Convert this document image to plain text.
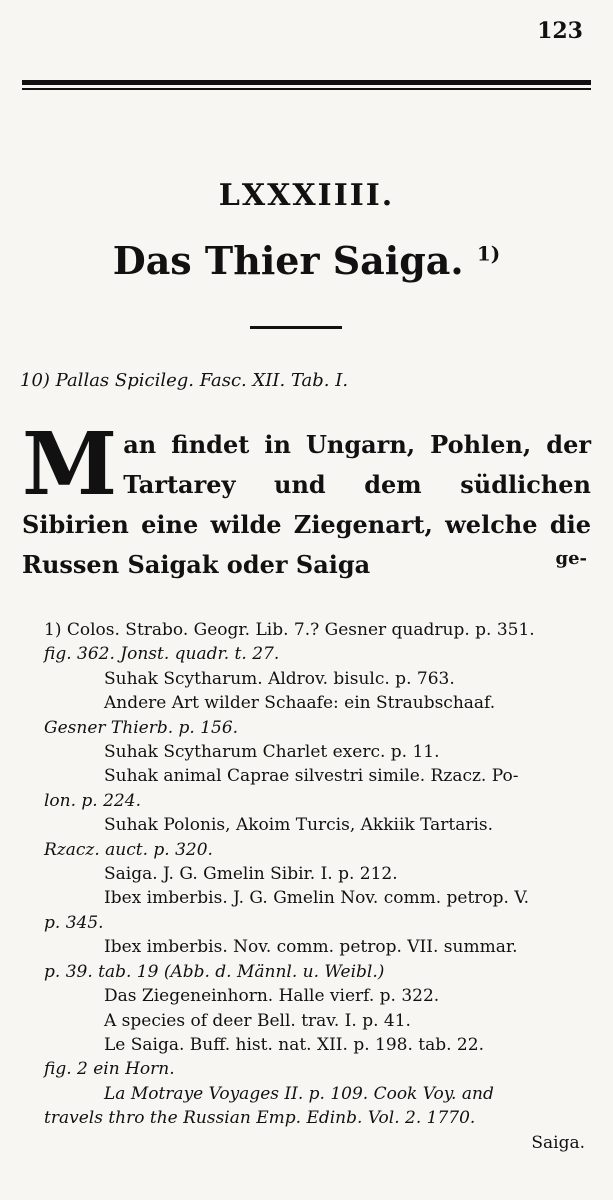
123
LXXXIIII.
Das Thier Saiga. $^{1)}$
10) Pallas Spicileg. Fasc. XII. Tab. I.
M an findet in Ungarn, Pohlen, der Tartarey und dem südlichen Sibirien eine wilde Ziegenart, welche die Russen Saigak oder Saiga	ge-

1) Colos. Strabo. Geogr. Lib. 7.? Gesner quadrup. p. 351.

fig. 362. Jonst. quadr. t. 27.

Suhak Scytharum. Aldrov. bisulc. p. 763.

Andere Art wilder Schaafe: ein Straubschaaf.

Gesner Thierb. p. 156.

Suhak Scytharum Charlet exerc. p. 11.

Suhak animal Caprae silvestri simile. Rzacz. Po-

lon. p. 224.

Suhak Polonis, Akoim Turcis, Akkiik Tartaris.

Rzacz. auct. p. 320.

Saiga. J. G. Gmelin Sibir. I. p. 212.

Ibex imberbis. J. G. Gmelin Nov. comm. petrop. V.

p. 345.

Ibex imberbis. Nov. comm. petrop. VII. summar.

p. 39. tab. 19 (Abb. d. Männl. u. Weibl.)

Das Ziegeneinhorn. Halle vierf. p. 322.

A species of deer Bell. trav. I. p. 41.

Le Saiga. Buff. hist. nat. XII. p. 198. tab. 22.

fig. 2 ein Horn.

La Motraye Voyages II. p. 109. Cook Voy. and

travels thro the Russian Emp. Edinb. Vol. 2. 1770.

Saiga.
